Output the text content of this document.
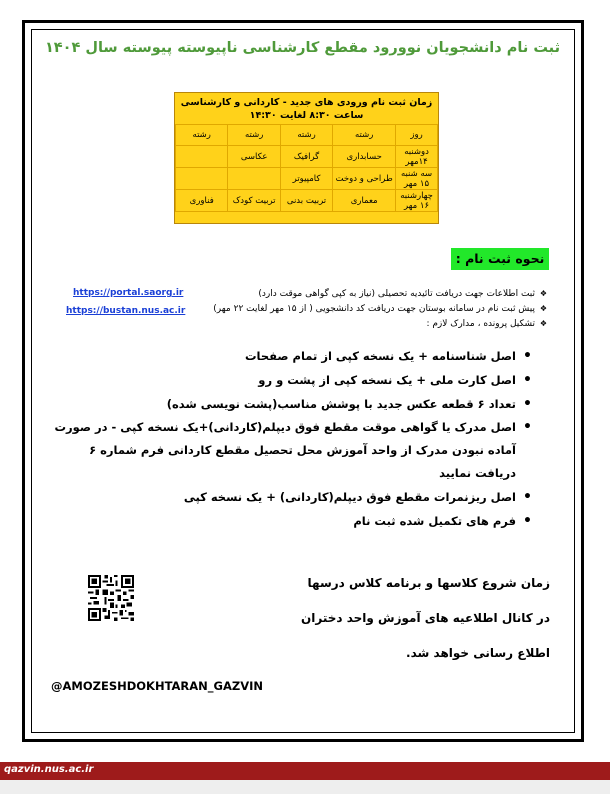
ثبت نام دانشجویان نوورود مقطع کارشناسی ناپیوسته پیوسته سال ۱۴۰۴
زمان ثبت نام ورودی های جدید - کاردانی و کارشناسی
ساعت ۸:۳۰ لغایت ۱۴:۳۰
روز	رشته	رشته	رشته	رشته
دوشنبه ۱۴مهر	حسابداری	گرافیک	عکاسی	
سه شنبه ۱۵ مهر	طراحی و دوخت	کامپیوتر		
چهارشنبه ۱۶ مهر	معماری	تربیت بدنی	تربیت کودک	فناوری
نحوه ثبت نام :
❖ثبت اطلاعات جهت دریافت تائیدیه تحصیلی (نیاز به کپی گواهی موقت دارد)
❖پیش ثبت نام در سامانه بوستان جهت دریافت کد دانشجویی ( از ۱۵ مهر لغایت ۲۲ مهر)
❖تشکیل پرونده ، مدارک لازم :
https://portal.saorg.ir
https://bustan.nus.ac.ir
• اصل شناسنامه + یک نسخه کپی از تمام صفحات
• اصل کارت ملی + یک نسخه کپی از پشت و رو
• تعداد ۶ قطعه عکس جدید با پوشش مناسب(پشت نویسی شده)
• اصل مدرک یا گواهی موقت مقطع فوق دیپلم(کاردانی)+یک نسخه کپی - در صورت آماده نبودن مدرک از واحد آموزش محل تحصیل مقطع کاردانی فرم شماره ۶ دریافت نمایید
• اصل ریزنمرات مقطع فوق دیپلم(کاردانی) + یک نسخه کپی
• فرم های تکمیل شده ثبت نام
زمان شروع کلاسها و برنامه کلاس درسها
در کانال اطلاعیه های آموزش واحد دختران
اطلاع رسانی خواهد شد.
@AMOZESHDOKHTARAN_GAZVIN
qazvin.nus.ac.ir
